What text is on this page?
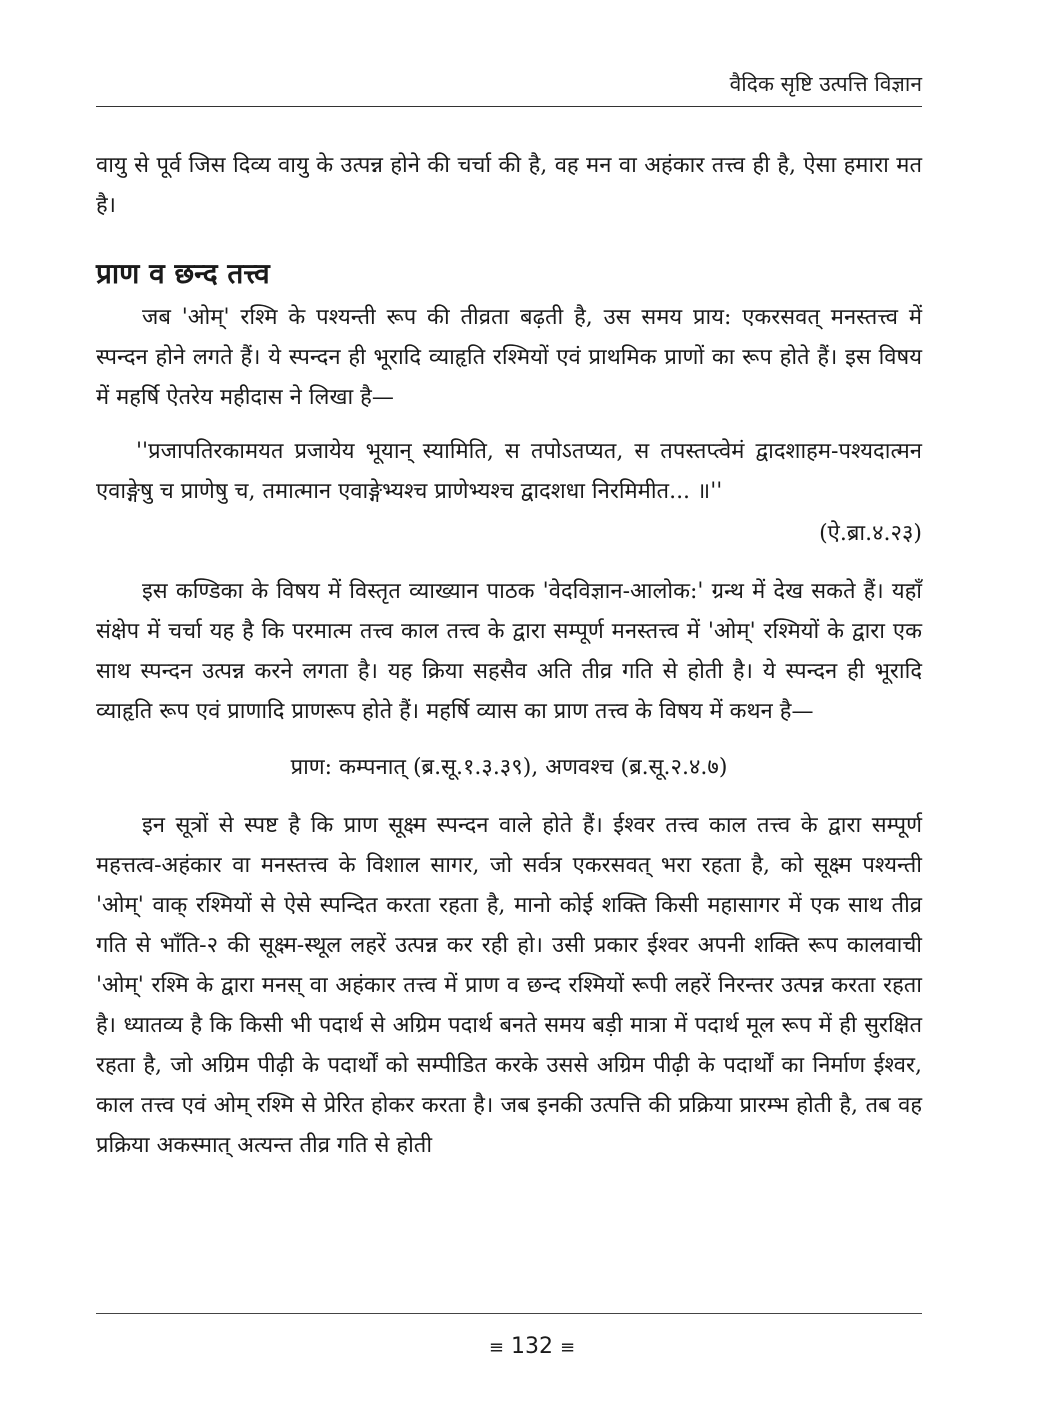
वैदिक सृष्टि उत्पत्ति विज्ञान

वायु से पूर्व जिस दिव्य वायु के उत्पन्न होने की चर्चा की है, वह मन वा अहंकार तत्त्व ही है, ऐसा हमारा मत है।

प्राण व छन्द तत्त्व

जब 'ओम्' रश्मि के पश्यन्ती रूप की तीव्रता बढ़ती है, उस समय प्राय: एकरसवत् मनस्तत्त्व में स्पन्दन होने लगते हैं। ये स्पन्दन ही भूरादि व्याहृति रश्मियों एवं प्राथमिक प्राणों का रूप होते हैं। इस विषय में महर्षि ऐतरेय महीदास ने लिखा है—

''प्रजापतिरकामयत प्रजायेय भूयान् स्यामिति, स तपोऽतप्यत, स तपस्तप्त्वेमं द्वादशाहम-पश्यदात्मन एवाङ्गेषु च प्राणेषु च, तमात्मान एवाङ्गेभ्यश्च प्राणेभ्यश्च द्वादशधा निरमिमीत... ॥''

(ऐ.ब्रा.४.२३)

इस कण्डिका के विषय में विस्तृत व्याख्यान पाठक 'वेदविज्ञान-आलोक:' ग्रन्थ में देख सकते हैं। यहाँ संक्षेप में चर्चा यह है कि परमात्म तत्त्व काल तत्त्व के द्वारा सम्पूर्ण मनस्तत्त्व में 'ओम्' रश्मियों के द्वारा एक साथ स्पन्दन उत्पन्न करने लगता है। यह क्रिया सहसैव अति तीव्र गति से होती है। ये स्पन्दन ही भूरादि व्याहृति रूप एवं प्राणादि प्राणरूप होते हैं। महर्षि व्यास का प्राण तत्त्व के विषय में कथन है—

प्राण: कम्पनात् (ब्र.सू.१.३.३९), अणवश्च (ब्र.सू.२.४.७)

इन सूत्रों से स्पष्ट है कि प्राण सूक्ष्म स्पन्दन वाले होते हैं। ईश्वर तत्त्व काल तत्त्व के द्वारा सम्पूर्ण महत्तत्व-अहंकार वा मनस्तत्त्व के विशाल सागर, जो सर्वत्र एकरसवत् भरा रहता है, को सूक्ष्म पश्यन्ती 'ओम्' वाक् रश्मियों से ऐसे स्पन्दित करता रहता है, मानो कोई शक्ति किसी महासागर में एक साथ तीव्र गति से भाँति-२ की सूक्ष्म-स्थूल लहरें उत्पन्न कर रही हो। उसी प्रकार ईश्वर अपनी शक्ति रूप कालवाची 'ओम्' रश्मि के द्वारा मनस् वा अहंकार तत्त्व में प्राण व छन्द रश्मियों रूपी लहरें निरन्तर उत्पन्न करता रहता है। ध्यातव्य है कि किसी भी पदार्थ से अग्रिम पदार्थ बनते समय बड़ी मात्रा में पदार्थ मूल रूप में ही सुरक्षित रहता है, जो अग्रिम पीढ़ी के पदार्थों को सम्पीडित करके उससे अग्रिम पीढ़ी के पदार्थों का निर्माण ईश्वर, काल तत्त्व एवं ओम् रश्मि से प्रेरित होकर करता है। जब इनकी उत्पत्ति की प्रक्रिया प्रारम्भ होती है, तब वह प्रक्रिया अकस्मात् अत्यन्त तीव्र गति से होती

≡ 132 ≡
